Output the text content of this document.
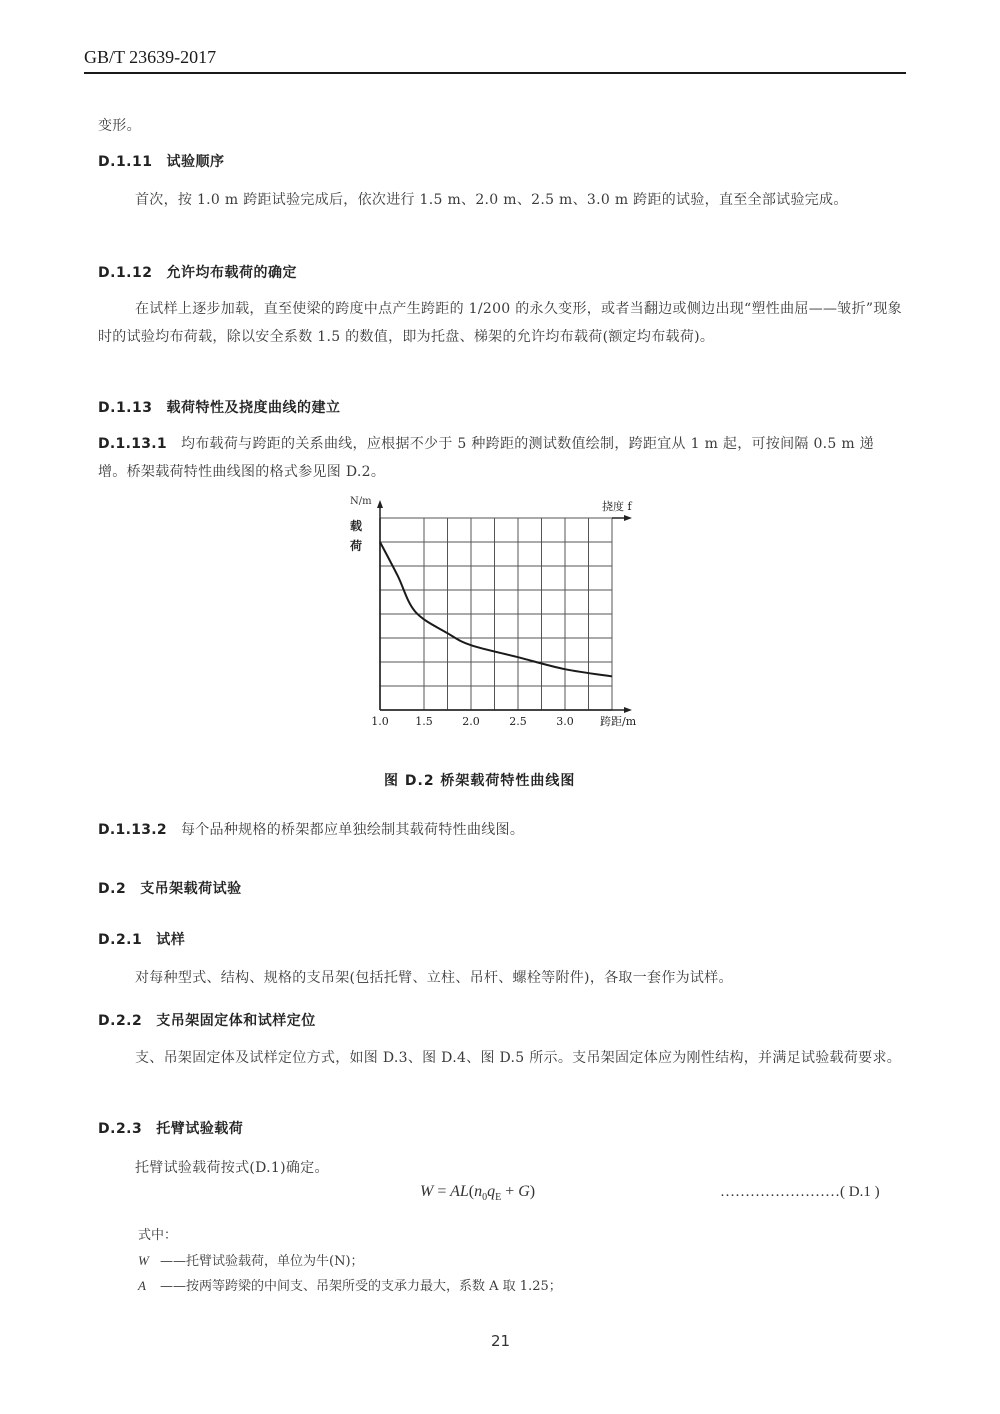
GB/T 23639-2017
变形。
D.1.11 试验顺序
首次，按 1.0 m 跨距试验完成后，依次进行 1.5 m、2.0 m、2.5 m、3.0 m 跨距的试验，直至全部试验完成。
D.1.12 允许均布载荷的确定
在试样上逐步加载，直至使梁的跨度中点产生跨距的 1/200 的永久变形，或者当翻边或侧边出现“塑性曲屈——皱折”现象时的试验均布荷载，除以安全系数 1.5 的数值，即为托盘、梯架的允许均布载荷(额定均布载荷)。
D.1.13 载荷特性及挠度曲线的建立
D.1.13.1 均布载荷与跨距的关系曲线，应根据不少于 5 种跨距的测试数值绘制，跨距宜从 1 m 起，可按间隔 0.5 m 递增。桥架载荷特性曲线图的格式参见图 D.2。
N/m
载
荷
挠度 f
跨距/m
1.0 1.5	2.0	2.5	3.0
图 D.2 桥架载荷特性曲线图
D.1.13.2 每个品种规格的桥架都应单独绘制其载荷特性曲线图。
D.2 支吊架载荷试验
D.2.1 试样
对每种型式、结构、规格的支吊架(包括托臂、立柱、吊杆、螺栓等附件)，各取一套作为试样。
D.2.2 支吊架固定体和试样定位
支、吊架固定体及试样定位方式，如图 D.3、图 D.4、图 D.5 所示。支吊架固定体应为刚性结构，并满足试验载荷要求。
D.2.3 托臂试验载荷
托臂试验载荷按式(D.1)确定。
$W = AL(n_0q_E + G)$	……………………( D.1 )
式中：
W ——托臂试验载荷，单位为牛(N)；
A ——按两等跨梁的中间支、吊架所受的支承力最大，系数 A 取 1.25；
21
